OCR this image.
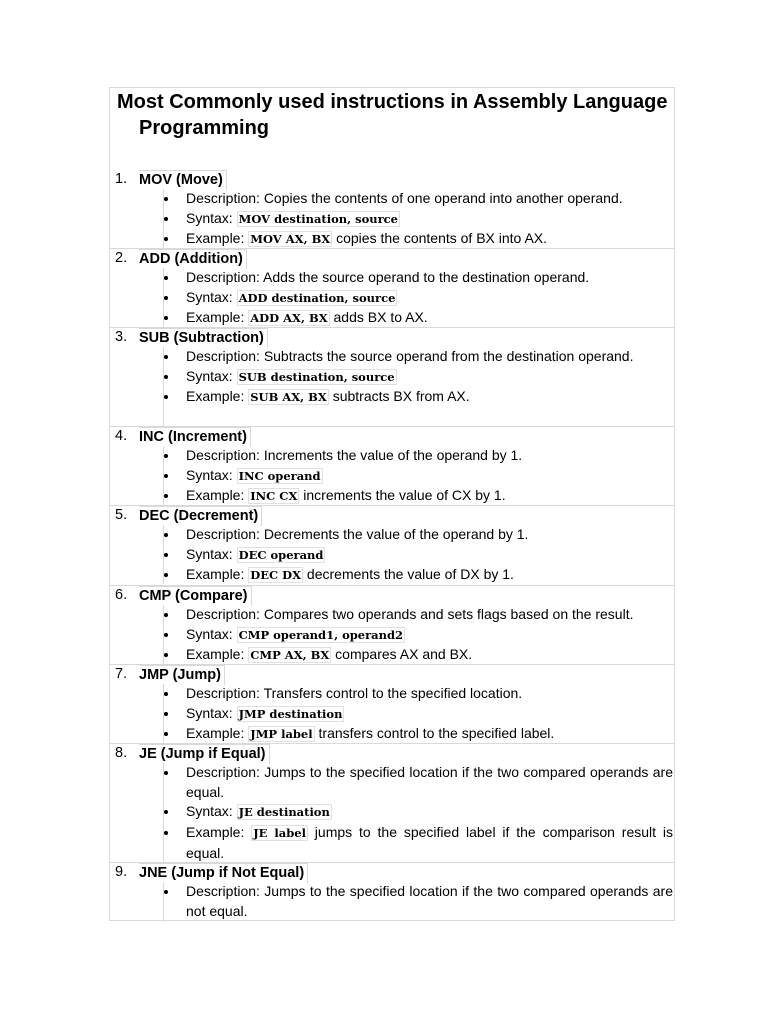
Most Commonly used instructions in Assembly Language
Programming
1. MOV (Move)
Description: Copies the contents of one operand into another operand.
Syntax: MOV destination, source
Example: MOV AX, BX copies the contents of BX into AX.
2. ADD (Addition)
Description: Adds the source operand to the destination operand.
Syntax: ADD destination, source
Example: ADD AX, BX adds BX to AX.
3. SUB (Subtraction)
Description: Subtracts the source operand from the destination operand.
Syntax: SUB destination, source
Example: SUB AX, BX subtracts BX from AX.
4. INC (Increment)
Description: Increments the value of the operand by 1.
Syntax: INC operand
Example: INC CX increments the value of CX by 1.
5. DEC (Decrement)
Description: Decrements the value of the operand by 1.
Syntax: DEC operand
Example: DEC DX decrements the value of DX by 1.
6. CMP (Compare)
Description: Compares two operands and sets flags based on the result.
Syntax: CMP operand1, operand2
Example: CMP AX, BX compares AX and BX.
7. JMP (Jump)
Description: Transfers control to the specified location.
Syntax: JMP destination
Example: JMP label transfers control to the specified label.
8. JE (Jump if Equal)
Description: Jumps to the specified location if the two compared operands are equal.
Syntax: JE destination
Example: JE label jumps to the specified label if the comparison result is equal.
9. JNE (Jump if Not Equal)
Description: Jumps to the specified location if the two compared operands are not equal.
